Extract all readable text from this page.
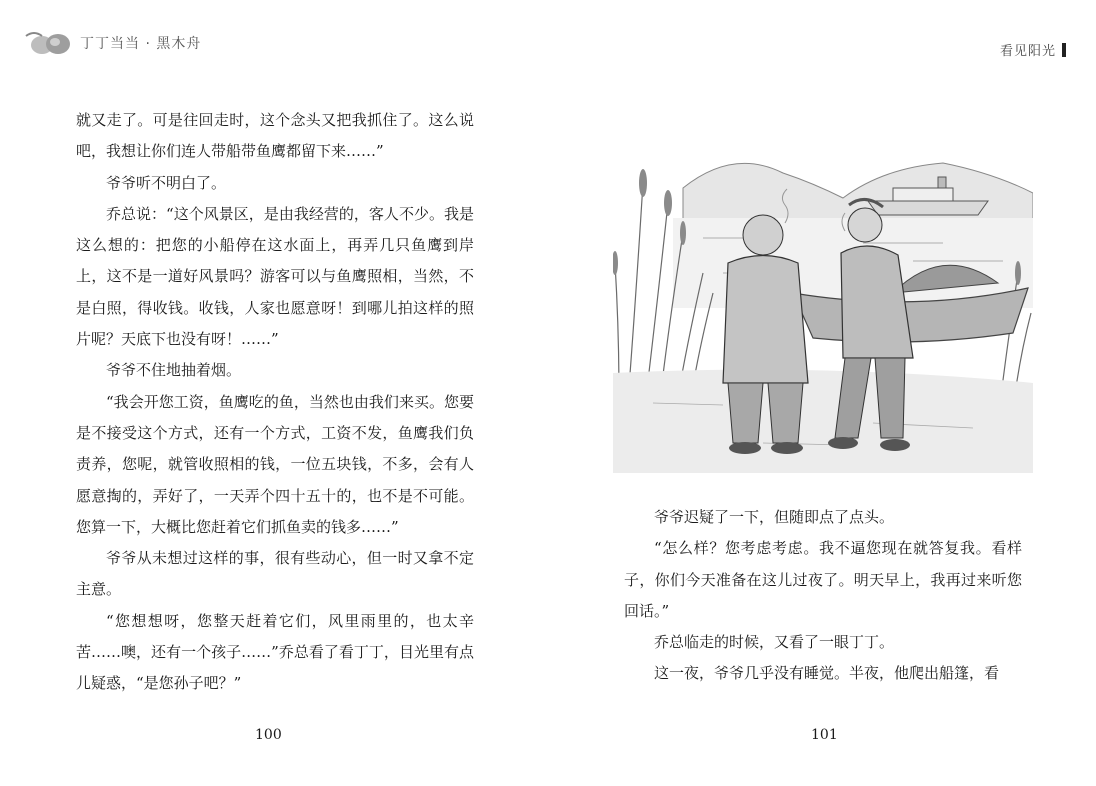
丁丁当当 · 黑木舟

就又走了。可是往回走时，这个念头又把我抓住了。这么说吧，我想让你们连人带船带鱼鹰都留下来……”

爷爷听不明白了。

乔总说：“这个风景区，是由我经营的，客人不少。我是这么想的：把您的小船停在这水面上，再弄几只鱼鹰到岸上，这不是一道好风景吗？游客可以与鱼鹰照相，当然，不是白照，得收钱。收钱，人家也愿意呀！到哪儿拍这样的照片呢？天底下也没有呀！……”

爷爷不住地抽着烟。

“我会开您工资，鱼鹰吃的鱼，当然也由我们来买。您要是不接受这个方式，还有一个方式，工资不发，鱼鹰我们负责养，您呢，就管收照相的钱，一位五块钱，不多，会有人愿意掏的，弄好了，一天弄个四十五十的，也不是不可能。您算一下，大概比您赶着它们抓鱼卖的钱多……”

爷爷从未想过这样的事，很有些动心，但一时又拿不定主意。

“您想想呀，您整天赶着它们，风里雨里的，也太辛苦……噢，还有一个孩子……”乔总看了看丁丁，目光里有点儿疑惑，“是您孙子吧？”

100
看见阳光

爷爷迟疑了一下，但随即点了点头。

“怎么样？您考虑考虑。我不逼您现在就答复我。看样子，你们今天准备在这儿过夜了。明天早上，我再过来听您回话。”

乔总临走的时候，又看了一眼丁丁。

这一夜，爷爷几乎没有睡觉。半夜，他爬出船篷，看

101
